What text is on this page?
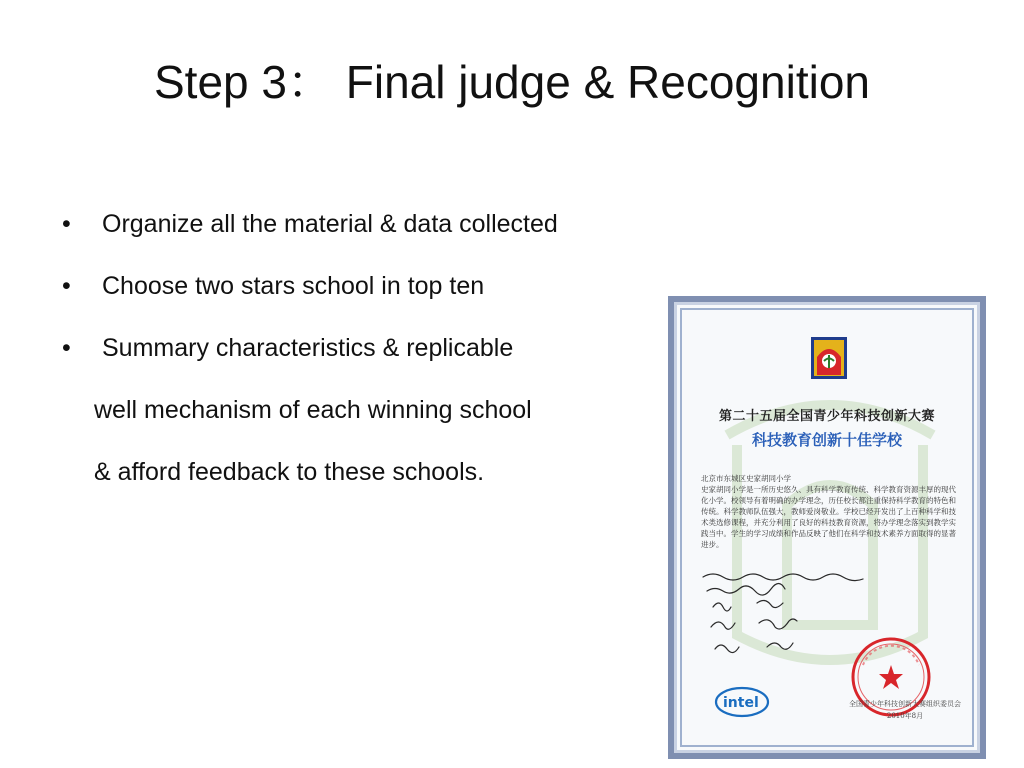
Step 3： Final judge & Recognition
•	Organize all the material & data collected
•	Choose two stars school in top ten
•	Summary characteristics & replicable
well mechanism of each winning school
& afford feedback to these schools.
第二十五届全国青少年科技创新大赛
科技教育创新十佳学校
北京市东城区史家胡同小学
史家胡同小学是一所历史悠久、具有科学教育传统、科学教育资源丰厚的现代化小学。校领导有着明确的办学理念，历任校长都注重保持科学教育的特色和传统。科学教师队伍强大，教师爱岗敬业。学校已经开发出了上百种科学和技术类选修课程，并充分利用了良好的科技教育资源，将办学理念落实到教学实践当中。学生的学习成绩和作品反映了他们在科学和技术素养方面取得的显著进步。
intel	全国青少年科技创新大赛组织委员会
2010年8月
